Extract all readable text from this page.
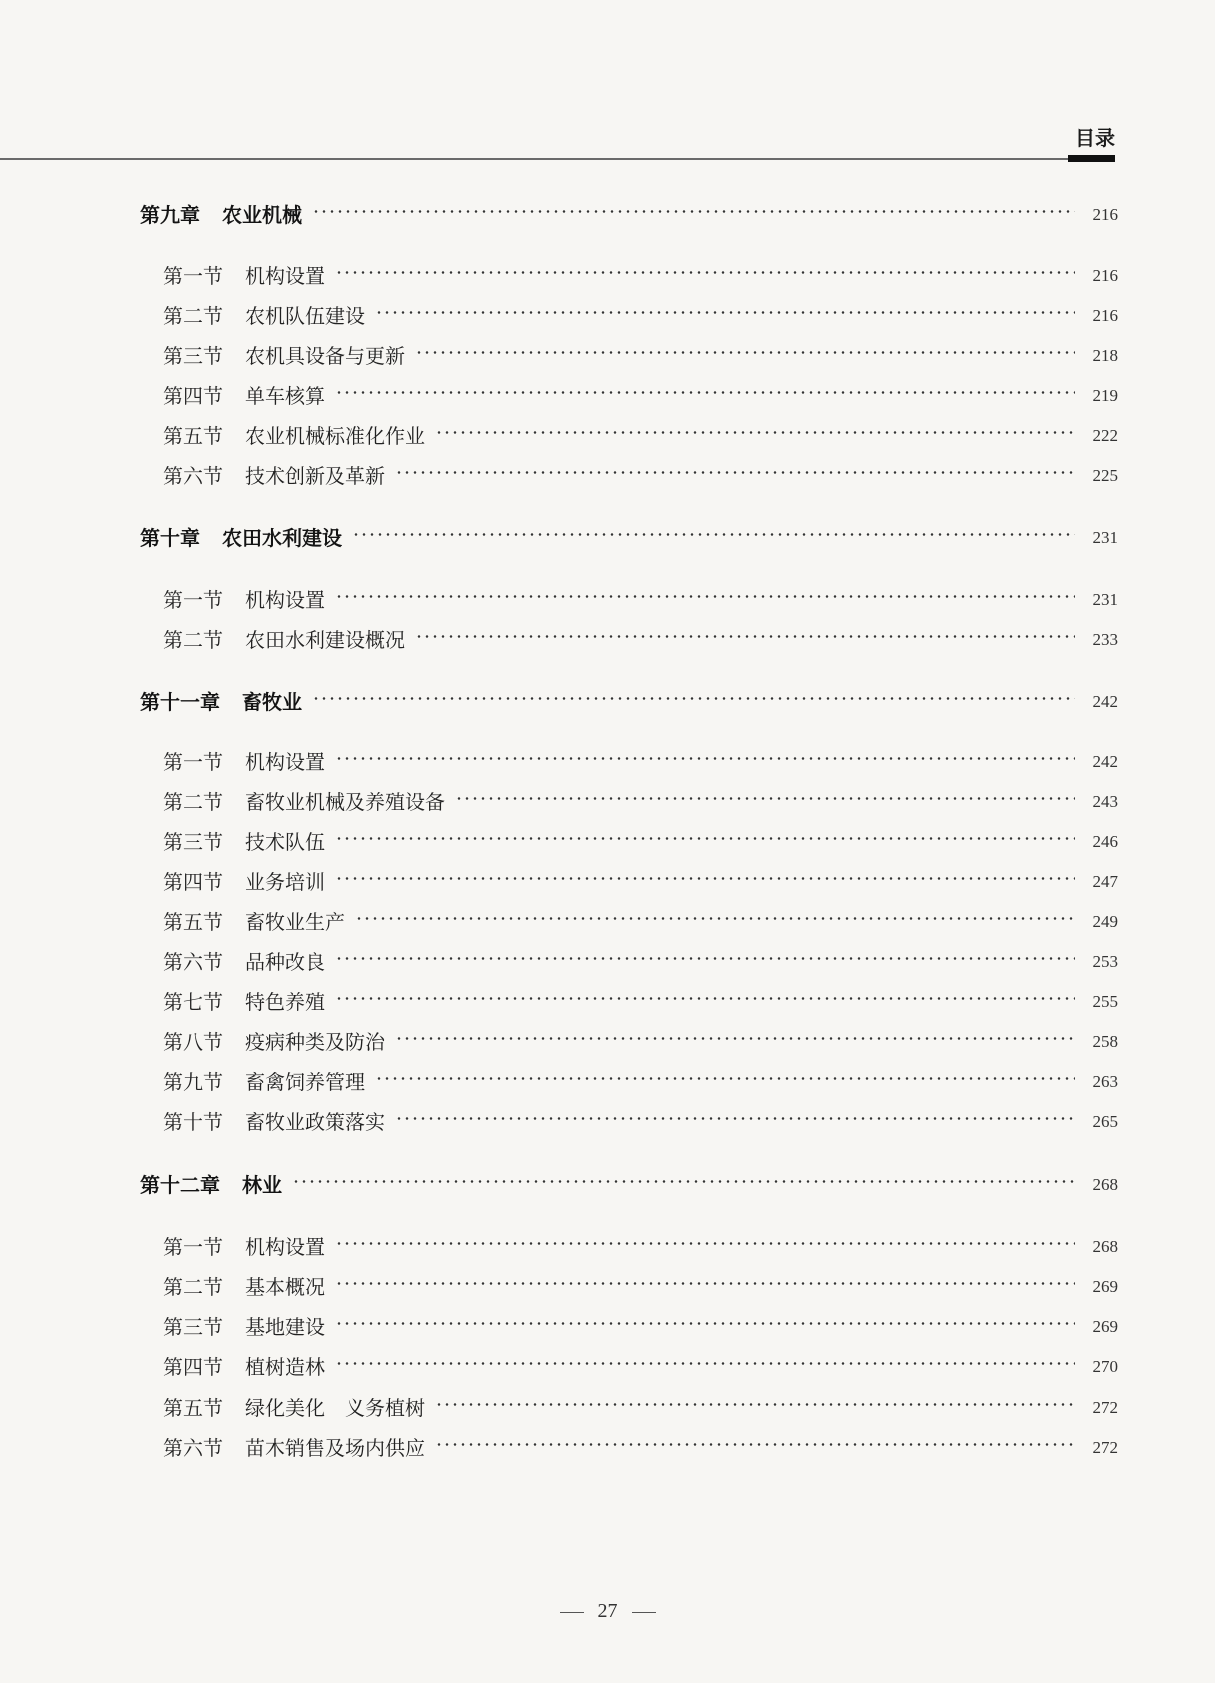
目录
第九章 农业机械	216
第一节 机构设置	216
第二节 农机队伍建设	216
第三节 农机具设备与更新	218
第四节 单车核算	219
第五节 农业机械标准化作业	222
第六节 技术创新及革新	225
第十章 农田水利建设	231
第一节 机构设置	231
第二节 农田水利建设概况	233
第十一章 畜牧业	242
第一节 机构设置	242
第二节 畜牧业机械及养殖设备	243
第三节 技术队伍	246
第四节 业务培训	247
第五节 畜牧业生产	249
第六节 品种改良	253
第七节 特色养殖	255
第八节 疫病种类及防治	258
第九节 畜禽饲养管理	263
第十节 畜牧业政策落实	265
第十二章 林业	268
第一节 机构设置	268
第二节 基本概况	269
第三节 基地建设	269
第四节 植树造林	270
第五节 绿化美化　义务植树	272
第六节 苗木销售及场内供应	272
27
